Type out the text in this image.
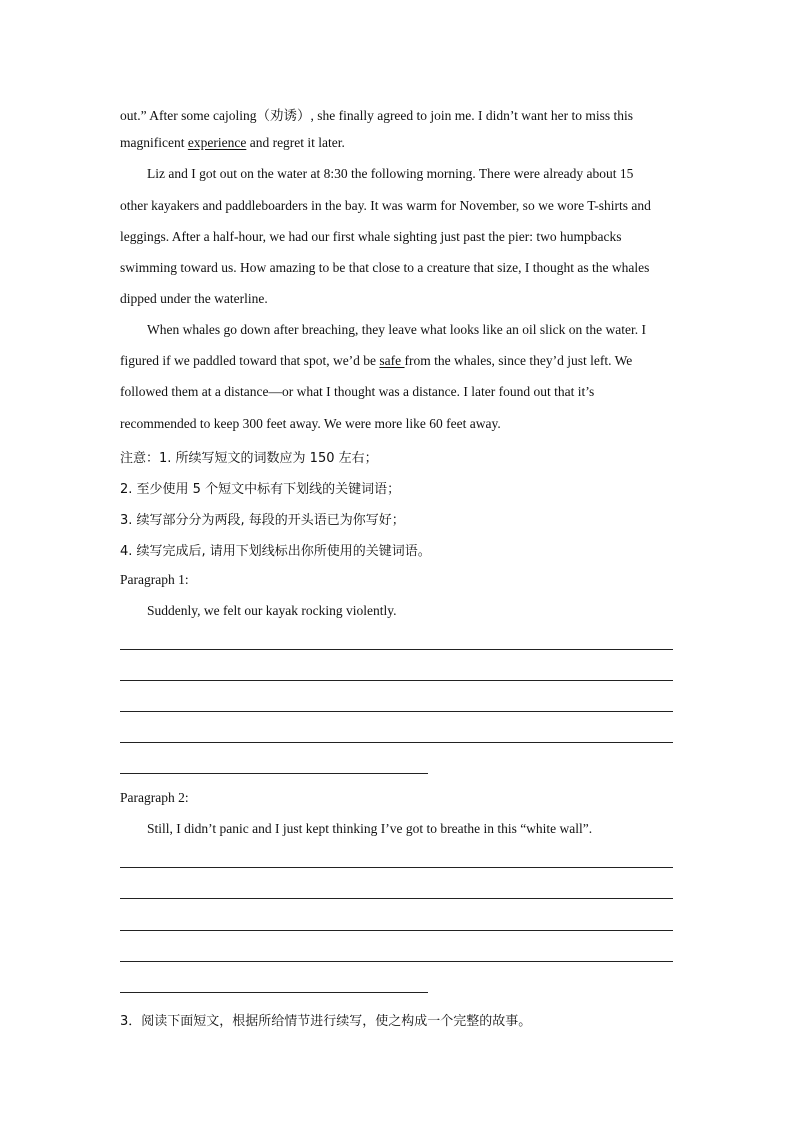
out.” After some cajoling（劝诱）, she finally agreed to join me. I didn’t want her to miss this
magnificent experience and regret it later.
Liz and I got out on the water at 8:30 the following morning. There were already about 15
other kayakers and paddleboarders in the bay. It was warm for November, so we wore T-shirts and
leggings. After a half-hour, we had our first whale sighting just past the pier: two humpbacks
swimming toward us. How amazing to be that close to a creature that size, I thought as the whales
dipped under the waterline.
When whales go down after breaching, they leave what looks like an oil slick on the water. I
figured if we paddled toward that spot, we’d be safe from the whales, since they’d just left. We
followed them at a distance—or what I thought was a distance. I later found out that it’s
recommended to keep 300 feet away. We were more like 60 feet away.
注意：1. 所续写短文的词数应为 150 左右；
2. 至少使用 5 个短文中标有下划线的关键词语；
3. 续写部分分为两段, 每段的开头语已为你写好；
4. 续写完成后, 请用下划线标出你所使用的关键词语。
Paragraph 1:
Suddenly, we felt our kayak rocking violently.
Paragraph 2:
Still, I didn’t panic and I just kept thinking I’ve got to breathe in this “white wall”.
3．阅读下面短文，根据所给情节进行续写，使之构成一个完整的故事。
